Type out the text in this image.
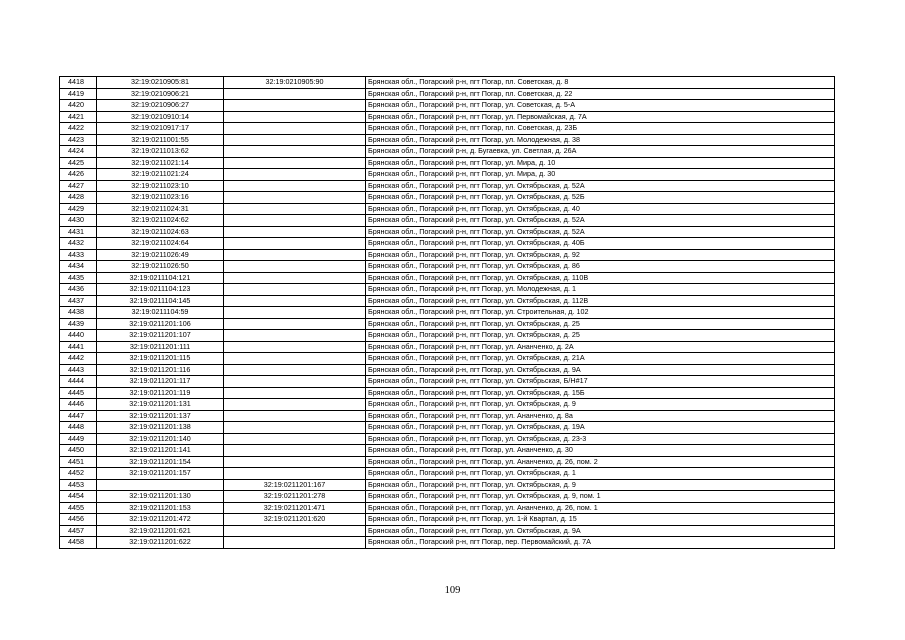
4418	32:19:0210905:81	32:19:0210905:90	Брянская обл., Погарский р-н, пгт Погар, пл. Советская, д. 8
4419	32:19:0210906:21		Брянская обл., Погарский р-н, пгт Погар, пл. Советская, д. 22
4420	32:19:0210906:27		Брянская обл., Погарский р-н, пгт Погар, ул. Советская, д. 5-А
4421	32:19:0210910:14		Брянская обл., Погарский р-н, пгт Погар, ул. Первомайская, д. 7А
4422	32:19:0210917:17		Брянская обл., Погарский р-н, пгт Погар, пл. Советская, д. 23Б
4423	32:19:0211001:55		Брянская обл., Погарский р-н, пгт Погар, ул. Молодежная, д. 38
4424	32:19:0211013:62		Брянская обл., Погарский р-н, д. Бугаевка, ул. Светлая, д. 26А
4425	32:19:0211021:14		Брянская обл., Погарский р-н, пгт Погар, ул. Мира, д. 10
4426	32:19:0211021:24		Брянская обл., Погарский р-н, пгт Погар, ул. Мира, д. 30
4427	32:19:0211023:10		Брянская обл., Погарский р-н, пгт Погар, ул. Октябрьская, д. 52А
4428	32:19:0211023:16		Брянская обл., Погарский р-н, пгт Погар, ул. Октябрьская, д. 52Б
4429	32:19:0211024:31		Брянская обл., Погарский р-н, пгт Погар, ул. Октябрьская, д. 40
4430	32:19:0211024:62		Брянская обл., Погарский р-н, пгт Погар, ул. Октябрьская, д. 52А
4431	32:19:0211024:63		Брянская обл., Погарский р-н, пгт Погар, ул. Октябрьская, д. 52А
4432	32:19:0211024:64		Брянская обл., Погарский р-н, пгт Погар, ул. Октябрьская, д. 40Б
4433	32:19:0211026:49		Брянская обл., Погарский р-н, пгт Погар, ул. Октябрьская, д. 92
4434	32:19:0211026:50		Брянская обл., Погарский р-н, пгт Погар, ул. Октябрьская, д. 86
4435	32:19:0211104:121		Брянская обл., Погарский р-н, пгт Погар, ул. Октябрьская, д. 110В
4436	32:19:0211104:123		Брянская обл., Погарский р-н, пгт Погар, ул. Молодежная, д. 1
4437	32:19:0211104:145		Брянская обл., Погарский р-н, пгт Погар, ул. Октябрьская, д. 112В
4438	32:19:0211104:59		Брянская обл., Погарский р-н, пгт Погар, ул. Строительная, д. 102
4439	32:19:0211201:106		Брянская обл., Погарский р-н, пгт Погар, ул. Октябрьская, д. 25
4440	32:19:0211201:107		Брянская обл., Погарский р-н, пгт Погар, ул. Октябрьская, д. 25
4441	32:19:0211201:111		Брянская обл., Погарский р-н, пгт Погар, ул. Ананченко, д. 2А
4442	32:19:0211201:115		Брянская обл., Погарский р-н, пгт Погар, ул. Октябрьская, д. 21А
4443	32:19:0211201:116		Брянская обл., Погарский р-н, пгт Погар, ул. Октябрьская, д. 9А
4444	32:19:0211201:117		Брянская обл., Погарский р-н, пгт Погар, ул. Октябрьская, Б/Н#17
4445	32:19:0211201:119		Брянская обл., Погарский р-н, пгт Погар, ул. Октябрьская, д. 15Б
4446	32:19:0211201:131		Брянская обл., Погарский р-н, пгт Погар, ул. Октябрьская, д. 9
4447	32:19:0211201:137		Брянская обл., Погарский р-н, пгт Погар, ул. Ананченко, д. 8а
4448	32:19:0211201:138		Брянская обл., Погарский р-н, пгт Погар, ул. Октябрьская, д. 19А
4449	32:19:0211201:140		Брянская обл., Погарский р-н, пгт Погар, ул. Октябрьская, д. 23-3
4450	32:19:0211201:141		Брянская обл., Погарский р-н, пгт Погар, ул. Ананченко, д. 30
4451	32:19:0211201:154		Брянская обл., Погарский р-н, пгт Погар, ул. Ананченко, д. 26, пом. 2
4452	32:19:0211201:157		Брянская обл., Погарский р-н, пгт Погар, ул. Октябрьская, д. 1
4453		32:19:0211201:167	Брянская обл., Погарский р-н, пгт Погар, ул. Октябрьская, д. 9
4454	32:19:0211201:130	32:19:0211201:278	Брянская обл., Погарский р-н, пгт Погар, ул. Октябрьская, д. 9, пом. 1
4455	32:19:0211201:153	32:19:0211201:471	Брянская обл., Погарский р-н, пгт Погар, ул. Ананченко, д. 26, пом. 1
4456	32:19:0211201:472	32:19:0211201:620	Брянская обл., Погарский р-н, пгт Погар, ул. 1-й Квартал, д. 15
4457	32:19:0211201:621		Брянская обл., Погарский р-н, пгт Погар, ул. Октябрьская, д. 9А
4458	32:19:0211201:622		Брянская обл., Погарский р-н, пгт Погар, пер. Первомайский, д. 7А
109
